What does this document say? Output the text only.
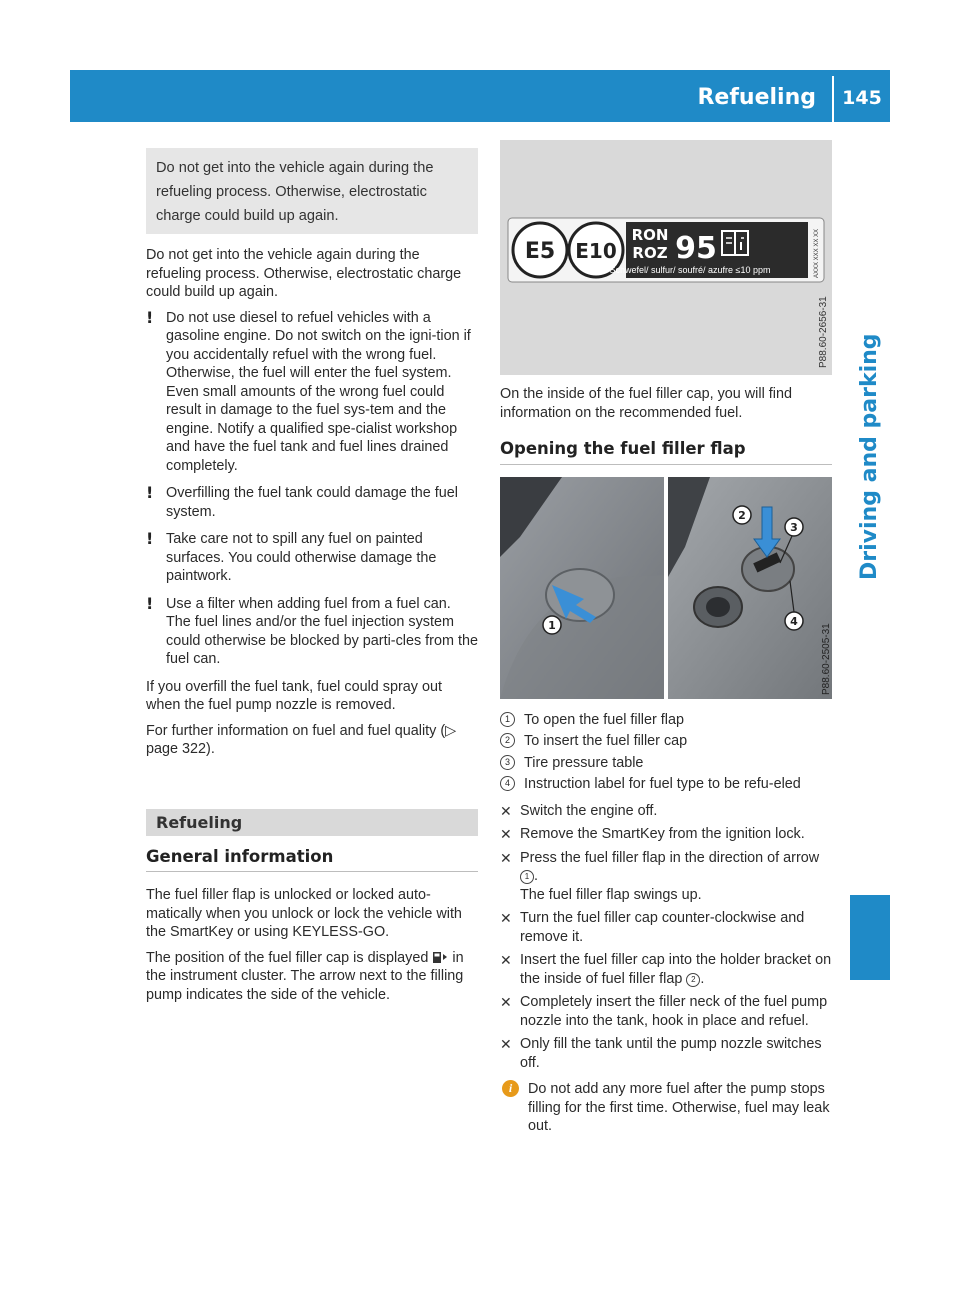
Refueling	145
Driving and parking
Do not get into the vehicle again during the refueling process. Otherwise, electrostatic charge could build up again.

Do not get into the vehicle again during the refueling process. Otherwise, electrostatic charge could build up again.

! Do not use diesel to refuel vehicles with a gasoline engine. Do not switch on the igni-tion if you accidentally refuel with the wrong fuel. Otherwise, the fuel will enter the fuel system. Even small amounts of the wrong fuel could result in damage to the fuel sys-tem and the engine. Notify a qualified spe-cialist workshop and have the fuel tank and fuel lines drained completely.
! Overfilling the fuel tank could damage the fuel system.
! Take care not to spill any fuel on painted surfaces. You could otherwise damage the paintwork.
! Use a filter when adding fuel from a fuel can. The fuel lines and/or the fuel injection system could otherwise be blocked by parti-cles from the fuel can.

If you overfill the fuel tank, fuel could spray out when the fuel pump nozzle is removed.

For further information on fuel and fuel quality (▷ page 322).

Refueling
General information

The fuel filler flap is unlocked or locked auto-matically when you unlock or lock the vehicle with the SmartKey or using KEYLESS-GO.

The position of the fuel filler cap is displayed in the instrument cluster. The arrow next to the filling pump indicates the side of the vehicle.

E5 E10
RON
ROZ 95
Schwefel/ sulfur/ soufré/ azufre ≤10 ppm	AXXX XXX XX XX
P88.60-2656-31

On the inside of the fuel filler cap, you will find information on the recommended fuel.

Opening the fuel filler flap
1
2
3
4
P88.60-2505-31
1 To open the fuel filler flap
2 To insert the fuel filler cap
3 Tire pressure table
4 Instruction label for fuel type to be refu-eled
✕ Switch the engine off.
✕ Remove the SmartKey from the ignition lock.
✕ Press the fuel filler flap in the direction of arrow 1 .
The fuel filler flap swings up.
✕ Turn the fuel filler cap counter-clockwise and remove it.
✕ Insert the fuel filler cap into the holder bracket on the inside of fuel filler flap 2 .
✕ Completely insert the filler neck of the fuel pump nozzle into the tank, hook in place and refuel.
✕ Only fill the tank until the pump nozzle switches off.
i	Do not add any more fuel after the pump stops filling for the first time. Otherwise, fuel may leak out.
